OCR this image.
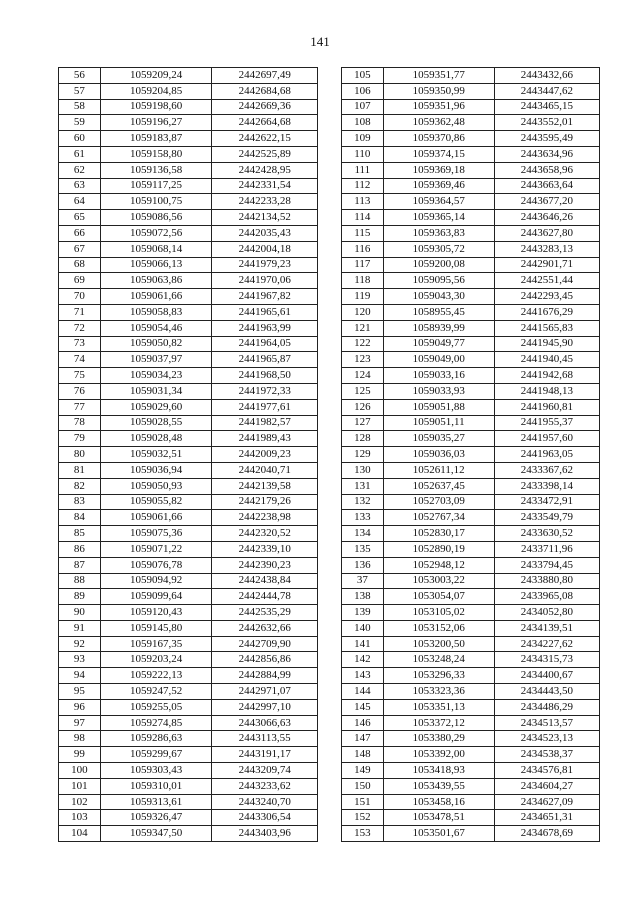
141
56	1059209,24	2442697,49
57	1059204,85	2442684,68
58	1059198,60	2442669,36
59	1059196,27	2442664,68
60	1059183,87	2442622,15
61	1059158,80	2442525,89
62	1059136,58	2442428,95
63	1059117,25	2442331,54
64	1059100,75	2442233,28
65	1059086,56	2442134,52
66	1059072,56	2442035,43
67	1059068,14	2442004,18
68	1059066,13	2441979,23
69	1059063,86	2441970,06
70	1059061,66	2441967,82
71	1059058,83	2441965,61
72	1059054,46	2441963,99
73	1059050,82	2441964,05
74	1059037,97	2441965,87
75	1059034,23	2441968,50
76	1059031,34	2441972,33
77	1059029,60	2441977,61
78	1059028,55	2441982,57
79	1059028,48	2441989,43
80	1059032,51	2442009,23
81	1059036,94	2442040,71
82	1059050,93	2442139,58
83	1059055,82	2442179,26
84	1059061,66	2442238,98
85	1059075,36	2442320,52
86	1059071,22	2442339,10
87	1059076,78	2442390,23
88	1059094,92	2442438,84
89	1059099,64	2442444,78
90	1059120,43	2442535,29
91	1059145,80	2442632,66
92	1059167,35	2442709,90
93	1059203,24	2442856,86
94	1059222,13	2442884,99
95	1059247,52	2442971,07
96	1059255,05	2442997,10
97	1059274,85	2443066,63
98	1059286,63	2443113,55
99	1059299,67	2443191,17
100	1059303,43	2443209,74
101	1059310,01	2443233,62
102	1059313,61	2443240,70
103	1059326,47	2443306,54
104	1059347,50	2443403,96
105	1059351,77	2443432,66
106	1059350,99	2443447,62
107	1059351,96	2443465,15
108	1059362,48	2443552,01
109	1059370,86	2443595,49
110	1059374,15	2443634,96
111	1059369,18	2443658,96
112	1059369,46	2443663,64
113	1059364,57	2443677,20
114	1059365,14	2443646,26
115	1059363,83	2443627,80
116	1059305,72	2443283,13
117	1059200,08	2442901,71
118	1059095,56	2442551,44
119	1059043,30	2442293,45
120	1058955,45	2441676,29
121	1058939,99	2441565,83
122	1059049,77	2441945,90
123	1059049,00	2441940,45
124	1059033,16	2441942,68
125	1059033,93	2441948,13
126	1059051,88	2441960,81
127	1059051,11	2441955,37
128	1059035,27	2441957,60
129	1059036,03	2441963,05
130	1052611,12	2433367,62
131	1052637,45	2433398,14
132	1052703,09	2433472,91
133	1052767,34	2433549,79
134	1052830,17	2433630,52
135	1052890,19	2433711,96
136	1052948,12	2433794,45
37	1053003,22	2433880,80
138	1053054,07	2433965,08
139	1053105,02	2434052,80
140	1053152,06	2434139,51
141	1053200,50	2434227,62
142	1053248,24	2434315,73
143	1053296,33	2434400,67
144	1053323,36	2434443,50
145	1053351,13	2434486,29
146	1053372,12	2434513,57
147	1053380,29	2434523,13
148	1053392,00	2434538,37
149	1053418,93	2434576,81
150	1053439,55	2434604,27
151	1053458,16	2434627,09
152	1053478,51	2434651,31
153	1053501,67	2434678,69
